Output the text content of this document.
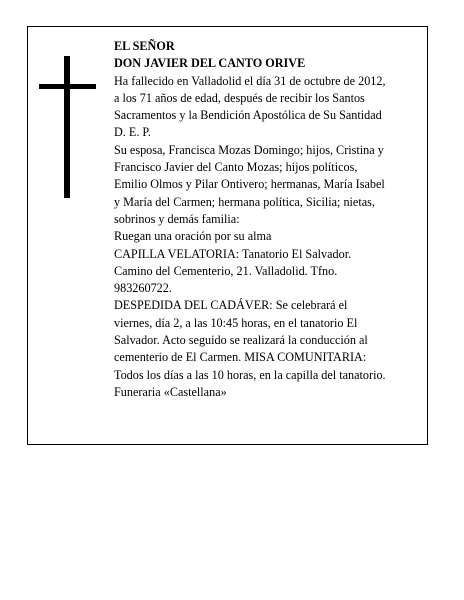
EL SEÑOR
DON JAVIER DEL CANTO ORIVE
Ha fallecido en Valladolid el día 31 de octubre de 2012,
a los 71 años de edad, después de recibir los Santos
Sacramentos y la Bendición Apostólica de Su Santidad
D. E. P.
Su esposa, Francisca Mozas Domingo; hijos, Cristina y
Francisco Javier del Canto Mozas; hijos políticos,
Emilio Olmos y Pilar Ontivero; hermanas, María Isabel
y María del Carmen; hermana política, Sicilia; nietas,
sobrinos y demás familia:
Ruegan una oración por su alma
CAPILLA VELATORIA: Tanatorio El Salvador.
Camino del Cementerio, 21. Valladolid. Tfno.
983260722.
DESPEDIDA DEL CADÁVER: Se celebrará el
viernes, día 2, a las 10:45 horas, en el tanatorio El
Salvador. Acto seguido se realizará la conducción al
cementerio de El Carmen. MISA COMUNITARIA:
Todos los días a las 10 horas, en la capilla del tanatorio.
Funeraria «Castellana»
